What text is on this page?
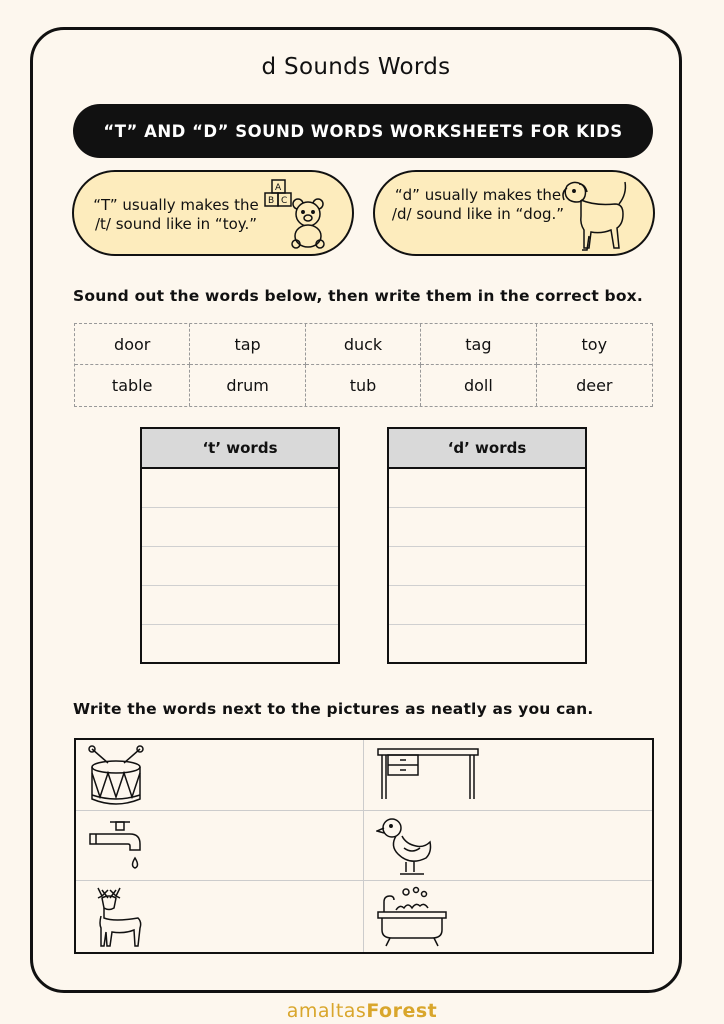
d Sounds Words
“T” AND “D” SOUND WORDS WORKSHEETS FOR KIDS
“T” usually makes the /t/ sound like in “toy.”
A
B C	“d” usually makes the /d/ sound like in “dog.”
Sound out the words below, then write them in the correct box.
door	tap	duck	tag	toy
table	drum	tub	doll	deer
‘t’ words	‘d’ words
Write the words next to the pictures as neatly as you can.
amaltasForest
